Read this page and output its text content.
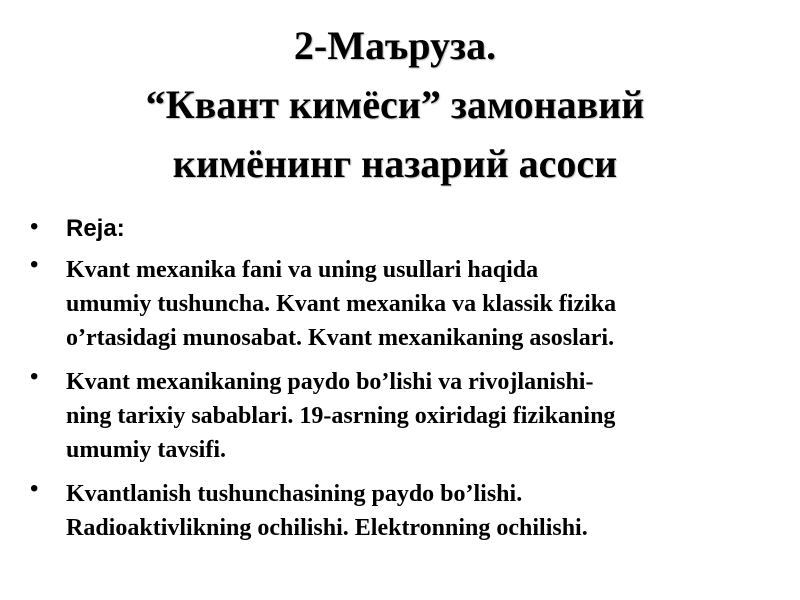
2-Маъруза.
“Квант кимёси” замонавий
кимёнинг назарий асоси
• Reja:
• Kvant mexanika fani va uning usullari haqida
umumiy tushuncha. Kvant mexanika va klassik fizika
o’rtasidagi munosabat. Kvant mexanikaning asoslari.
• Kvant mexanikaning paydo bo’lishi va rivojlanishi-
ning tarixiy sabablari. 19-asrning oxiridagi fizikaning
umumiy tavsifi.
• Kvantlanish tushunchasining paydo bo’lishi.
Radioaktivlikning ochilishi. Elektronning ochilishi.
